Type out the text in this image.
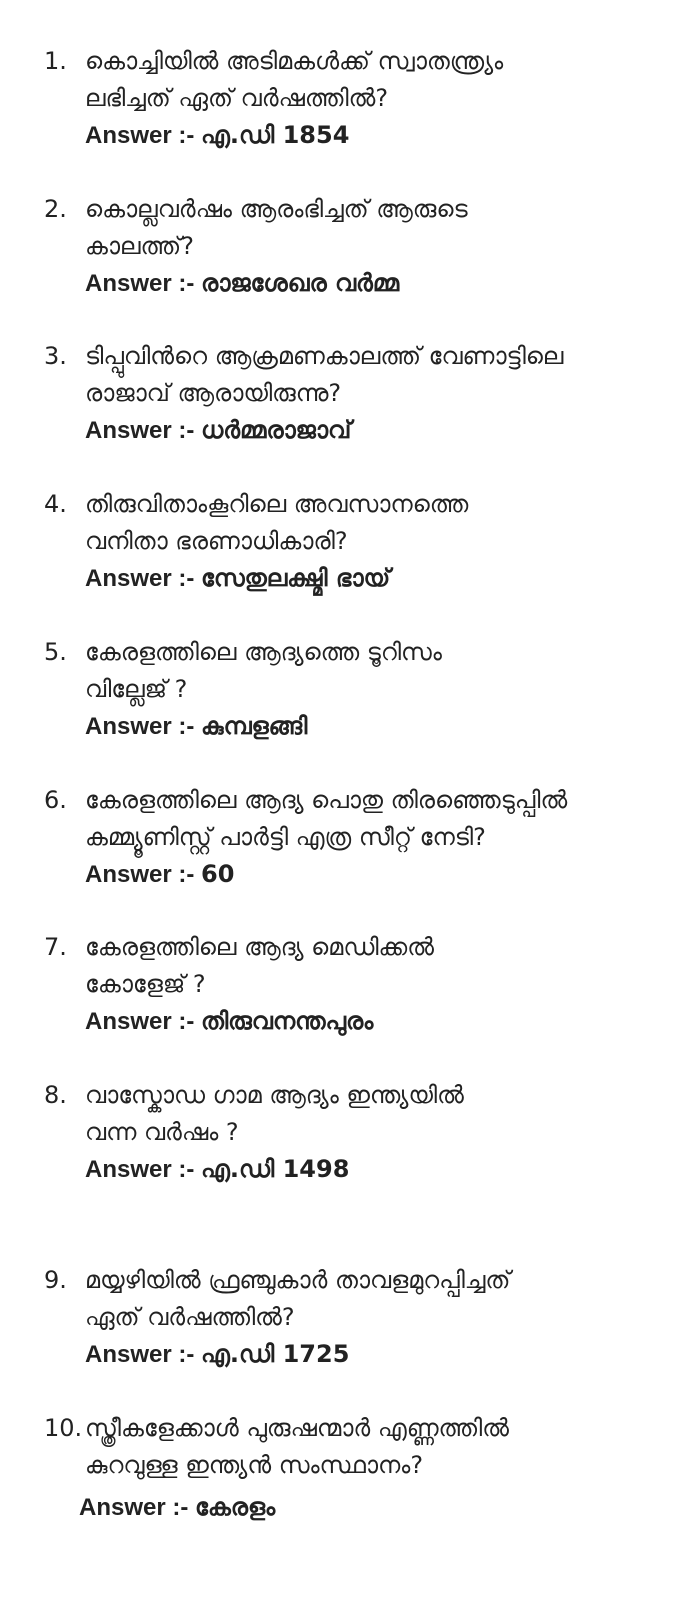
1. കൊച്ചിയിൽ അടിമകൾക്ക് സ്വാതന്ത്ര്യം
ലഭിച്ചത് ഏത് വർഷത്തിൽ?
Answer :- എ.ഡി 1854
2. കൊല്ലവർഷം ആരംഭിച്ചത് ആരുടെ
കാലത്ത്?
Answer :- രാജശേഖര വർമ്മ
3. ടിപ്പുവിൻറെ ആക്രമണകാലത്ത് വേണാട്ടിലെ
രാജാവ് ആരായിരുന്നു?
Answer :- ധർമ്മരാജാവ്
4. തിരുവിതാംകൂറിലെ അവസാനത്തെ
വനിതാ ഭരണാധികാരി?
Answer :- സേതുലക്ഷ്മി ഭായ്
5. കേരളത്തിലെ ആദ്യത്തെ ടൂറിസം
വില്ലേജ് ?
Answer :- കുമ്പളങ്ങി
6. കേരളത്തിലെ ആദ്യ പൊതു തിരഞ്ഞെടുപ്പിൽ
കമ്മ്യൂണിസ്റ്റ് പാർട്ടി എത്ര സീറ്റ് നേടി?
Answer :- 60
7. കേരളത്തിലെ ആദ്യ മെഡിക്കൽ
കോളേജ് ?
Answer :- തിരുവനന്തപുരം
8. വാസ്കോഡ ഗാമ ആദ്യം ഇന്ത്യയിൽ
വന്ന വർഷം ?
Answer :- എ.ഡി 1498
9. മയ്യഴിയിൽ ഫ്രഞ്ചുകാർ താവളമുറപ്പിച്ചത്
ഏത് വർഷത്തിൽ?
Answer :- എ.ഡി 1725
10. സ്ത്രീകളേക്കാൾ പുരുഷന്മാർ എണ്ണത്തിൽ
കുറവുള്ള ഇന്ത്യൻ സംസ്ഥാനം?
Answer :- കേരളം
